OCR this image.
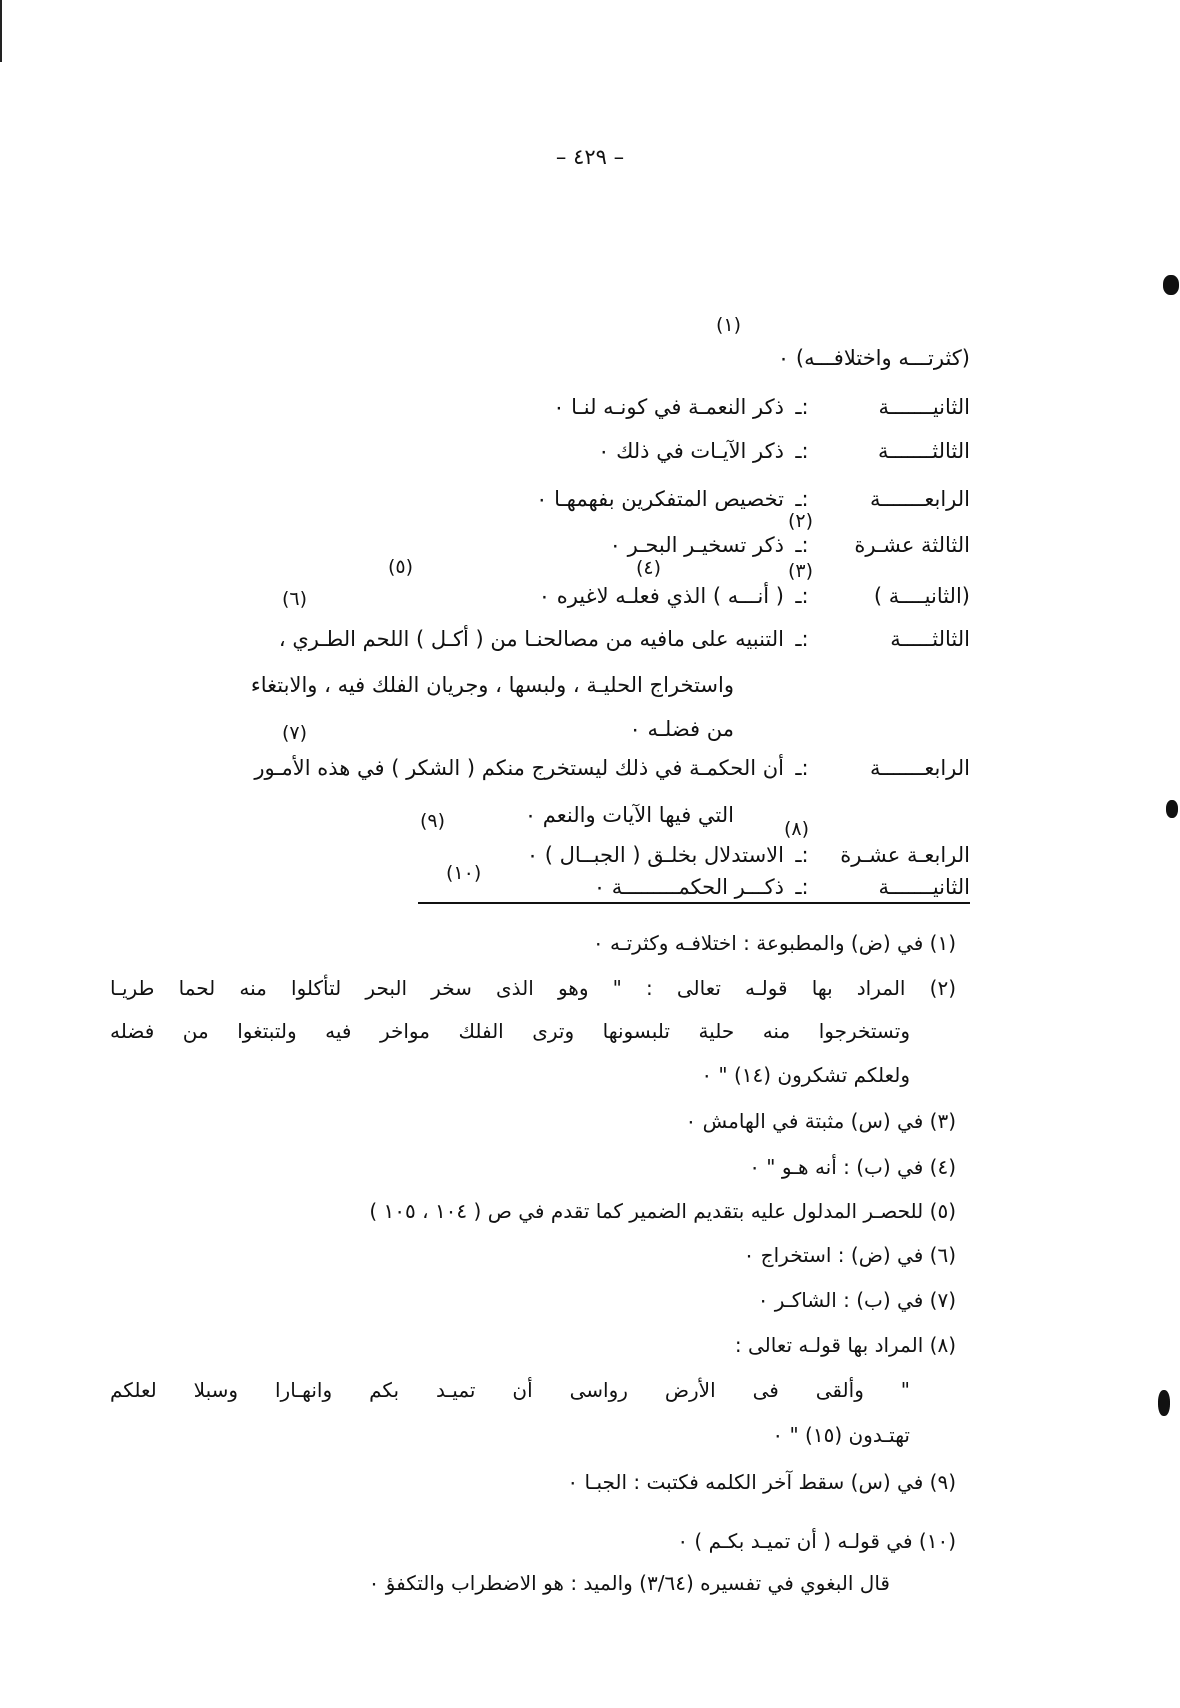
– ٤٢٩ –
(١)
(٢)
(٣)
(٤)
(٥)
(٦)
(٧)
(٨)
(٩)
(١٠)
(كثرتـــه واختلافـــه) ٠
الثانيـــــــة:ـذكر النعمـة في كونـه لنـا ٠
الثالثـــــــة:ـذكر الآيـات في ذلك ٠
الرابعـــــــة:ـتخصيص المتفكرين بفهمهـا ٠
الثالثة عشـرة:ـذكر تسخيـر البحـر ٠
(الثانيــــة ):ـ( أنـــه ) الذي فعلـه لاغيره ٠
الثالثـــــة:ـالتنبيه على مافيه من مصالحنـا من ( أكـل ) اللحم الطـري ،
واستخراج الحليـة ، ولبسها ، وجريان الفلك فيه ، والابتغاء
من فضلـه ٠
الرابعـــــــة:ـأن الحكمـة في ذلك ليستخرج منكم ( الشكر ) في هذه الأمـور
التي فيها الآيات والنعم ٠
الرابعـة عشـرة:ـالاستدلال بخلـق ( الجبــال ) ٠
الثانيـــــــة:ـذكـــر الحكمـــــــــة ٠
(١) في (ض) والمطبوعة : اختلافـه وكثرتـه ٠
(٢) المراد بها قولـه تعالى : " وهو الذى سخر البحر لتأكلوا منه لحما طريـا
وتستخرجوا منه حلية تلبسونها وترى الفلك مواخر فيه ولتبتغوا من فضله
ولعلكم تشكرون (١٤) " ٠
(٣) في (س) مثبتة في الهامش ٠
(٤) في (ب) : أنه هـو " ٠
(٥) للحصـر المدلول عليه بتقديم الضمير كما تقدم في ص ( ١٠٤ ، ١٠٥ )
(٦) في (ض) : استخراج ٠
(٧) في (ب) : الشاكـر ٠
(٨) المراد بها قولـه تعالى :
" وألقى فى الأرض رواسى أن تميـد بكم وانهـارا وسبلا لعلكم
تهتـدون (١٥) " ٠
(٩) في (س) سقط آخر الكلمه فكتبت : الجبـا ٠
(١٠) في قولـه ( أن تميـد بكـم ) ٠
قال البغوي في تفسيره (٣/٦٤) والميد : هو الاضطراب والتكفؤ ٠
